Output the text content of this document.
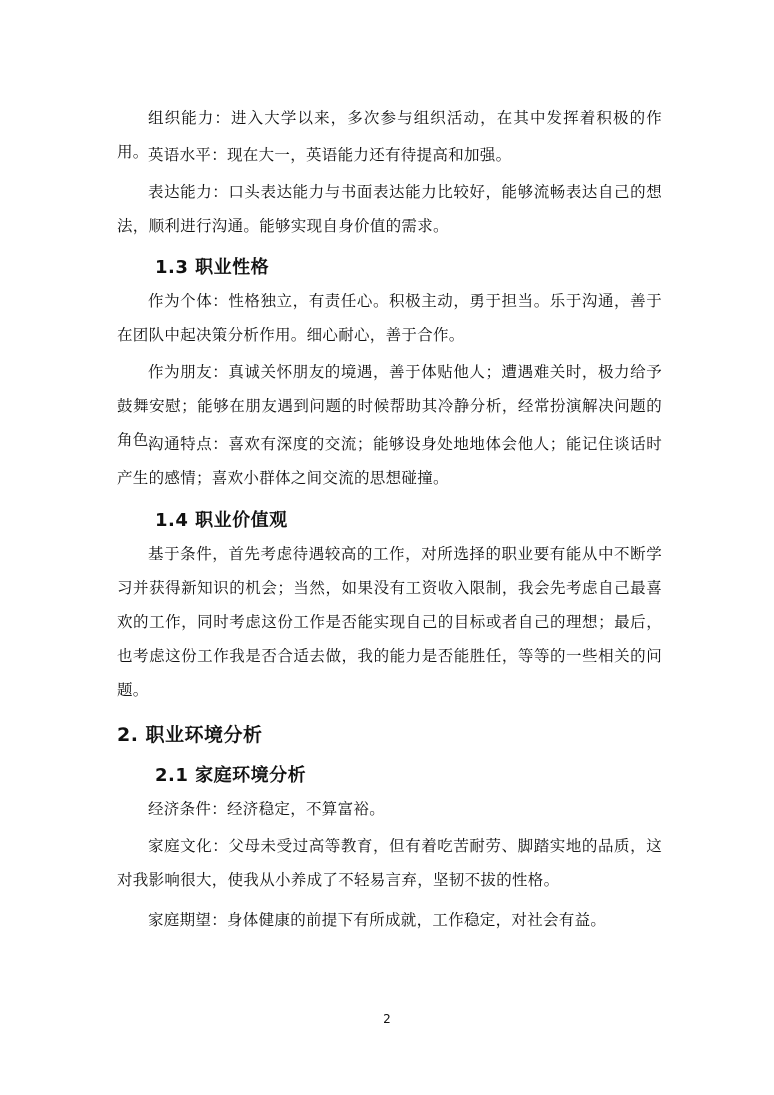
组织能力：进入大学以来，多次参与组织活动，在其中发挥着积极的作用。 英语水平：现在大一，英语能力还有待提高和加强。

表达能力：口头表达能力与书面表达能力比较好，能够流畅表达自己的想法，顺利进行沟通。能够实现自身价值的需求。

1.3 职业性格

作为个体：性格独立，有责任心。积极主动，勇于担当。乐于沟通，善于在团队中起决策分析作用。细心耐心，善于合作。

作为朋友：真诚关怀朋友的境遇，善于体贴他人；遭遇难关时，极力给予鼓舞安慰；能够在朋友遇到问题的时候帮助其冷静分析，经常扮演解决问题的角色。

沟通特点：喜欢有深度的交流；能够设身处地地体会他人；能记住谈话时产生的感情；喜欢小群体之间交流的思想碰撞。

1.4 职业价值观

基于条件，首先考虑待遇较高的工作，对所选择的职业要有能从中不断学习并获得新知识的机会；当然，如果没有工资收入限制，我会先考虑自己最喜欢的工作，同时考虑这份工作是否能实现自己的目标或者自己的理想；最后，也考虑这份工作我是否合适去做，我的能力是否能胜任，等等的一些相关的问题。

2. 职业环境分析
2.1 家庭环境分析

经济条件：经济稳定，不算富裕。

家庭文化：父母未受过高等教育，但有着吃苦耐劳、脚踏实地的品质，这对我影响很大，使我从小养成了不轻易言弃，坚韧不拔的性格。

家庭期望：身体健康的前提下有所成就，工作稳定，对社会有益。

2
